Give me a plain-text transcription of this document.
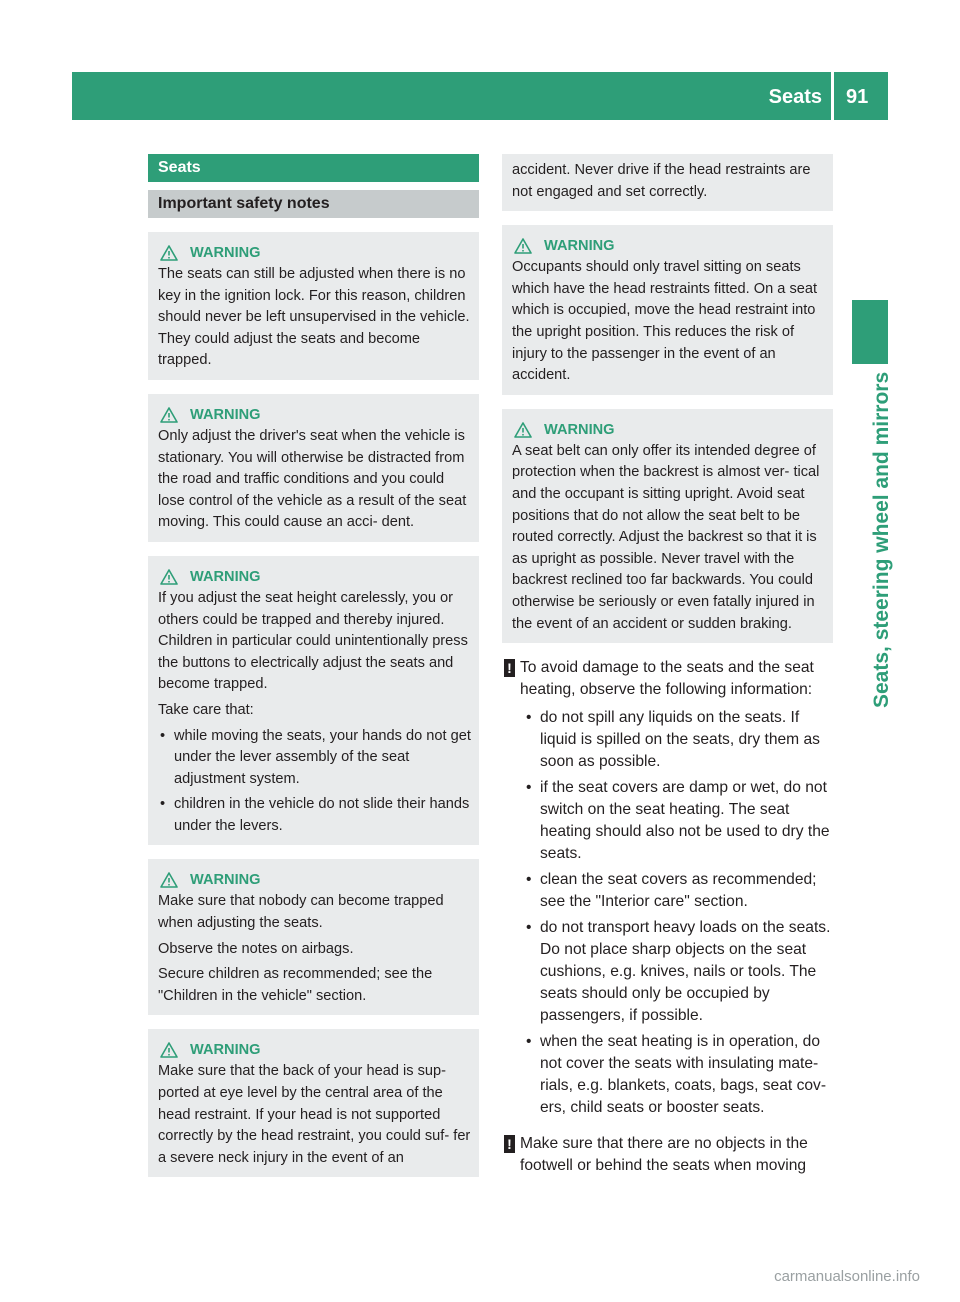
Seats 91
Seats, steering wheel and mirrors
Seats
Important safety notes
WARNING

The seats can still be adjusted when there is no key in the ignition lock. For this reason, children should never be left unsupervised in the vehicle. They could adjust the seats and become trapped.

WARNING

Only adjust the driver's seat when the vehicle is stationary. You will otherwise be distracted from the road and traffic conditions and you could lose control of the vehicle as a result of the seat moving. This could cause an acci- dent.

WARNING

If you adjust the seat height carelessly, you or others could be trapped and thereby injured. Children in particular could unintentionally press the buttons to electrically adjust the seats and become trapped.

Take care that:

• while moving the seats, your hands do not get under the lever assembly of the seat adjustment system.
• children in the vehicle do not slide their hands under the levers.
WARNING

Make sure that nobody can become trapped when adjusting the seats.

Observe the notes on airbags.

Secure children as recommended; see the "Children in the vehicle" section.

WARNING

Make sure that the back of your head is sup- ported at eye level by the central area of the head restraint. If your head is not supported correctly by the head restraint, you could suf- fer a severe neck injury in the event of an

accident. Never drive if the head restraints are not engaged and set correctly.

WARNING

Occupants should only travel sitting on seats which have the head restraints fitted. On a seat which is occupied, move the head restraint into the upright position. This reduces the risk of injury to the passenger in the event of an accident.

WARNING

A seat belt can only offer its intended degree of protection when the backrest is almost ver- tical and the occupant is sitting upright. Avoid seat positions that do not allow the seat belt to be routed correctly. Adjust the backrest so that it is as upright as possible. Never travel with the backrest reclined too far backwards. You could otherwise be seriously or even fatally injured in the event of an accident or sudden braking.

! To avoid damage to the seats and the seat heating, observe the following information:
• do not spill any liquids on the seats. If liquid is spilled on the seats, dry them as soon as possible.
• if the seat covers are damp or wet, do not switch on the seat heating. The seat heating should also not be used to dry the seats.
• clean the seat covers as recommended; see the "Interior care" section.
• do not transport heavy loads on the seats. Do not place sharp objects on the seat cushions, e.g. knives, nails or tools. The seats should only be occupied by passengers, if possible.
• when the seat heating is in operation, do not cover the seats with insulating mate- rials, e.g. blankets, coats, bags, seat cov- ers, child seats or booster seats.
! Make sure that there are no objects in the footwell or behind the seats when moving
carmanualsonline.info
